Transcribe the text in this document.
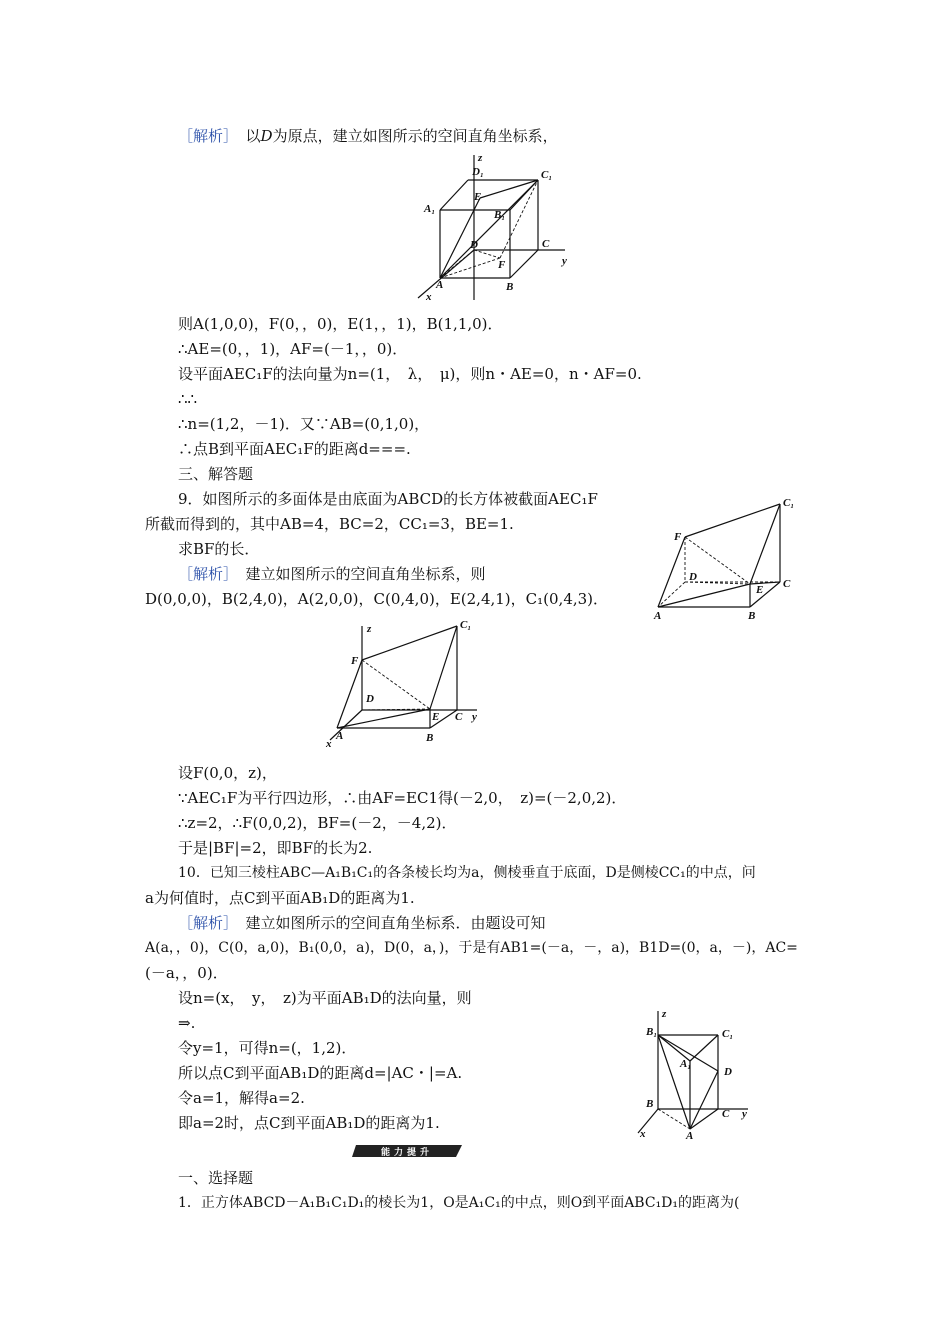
［解析］　以D为原点，建立如图所示的空间直角坐标系，
z
D₁	C₁
E
A₁	B₁
D	C
y
F
A	B
x
则A(1,0,0)，F(0，，0)，E(1，，1)，B(1,1,0)．
∴AE=(0，，1)，AF=(－1，，0)．
设平面AEC₁F的法向量为n=(1，　λ，　μ)，则n・AE=0，n・AF=0.
∴∴
∴n=(1,2，－1)．又∵AB=(0,1,0)，
∴点B到平面AEC₁F的距离d===.
三、解答题
9．如图所示的多面体是由底面为ABCD的长方体被截面AEC₁F
所截而得到的，其中AB=4，BC=2，CC₁=3，BE=1.
求BF的长．
［解析］　建立如图所示的空间直角坐标系，则
D(0,0,0)，B(2,4,0)，A(2,0,0)，C(0,4,0)，E(2,4,1)，C₁(0,4,3)．
C₁
F
D
E C
A	B
z	C₁
F
D
E C y
A	B
x
设F(0,0，z)，
∵AEC₁F为平行四边形，∴由AF=EC1得(－2,0，　z)=(－2,0,2)．
∴z=2，∴F(0,0,2)，BF=(－2，－4,2)．
于是|BF|=2，即BF的长为2.
10．已知三棱柱ABC—A₁B₁C₁的各条棱长均为a，侧棱垂直于底面，D是侧棱CC₁的中点，问
a为何值时，点C到平面AB₁D的距离为1.
［解析］　建立如图所示的空间直角坐标系．由题设可知
A(a，，0)，C(0，a,0)，B₁(0,0，a)，D(0，a，)，于是有AB1=(－a，－，a)，B1D=(0，a，－)，AC=
(－a，，0)．
设n=(x，　y，　z)为平面AB₁D的法向量，则
⇒.
令y=1，可得n=(，1,2)．
所以点C到平面AB₁D的距离d=|AC・|=A.
令a=1，解得a=2.
即a=2时，点C到平面AB₁D的距离为1.
z
B₁	C₁
A₁
D
B
C y
A
x
能力提升
一、选择题
1．正方体ABCD－A₁B₁C₁D₁的棱长为1，O是A₁C₁的中点，则O到平面ABC₁D₁的距离为(
